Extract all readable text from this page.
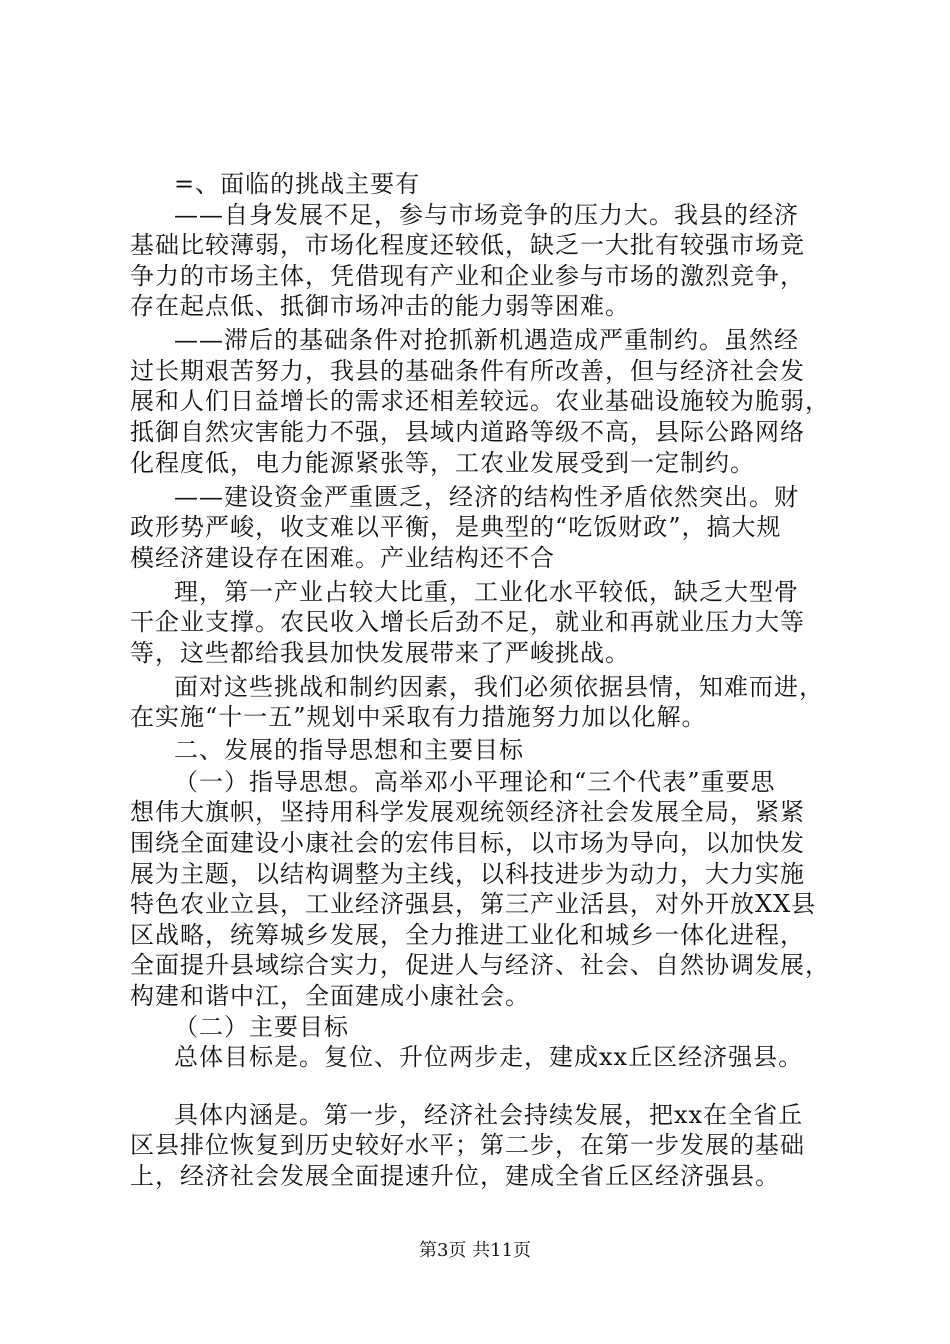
=、面临的挑战主要有
——自身发展不足，参与市场竞争的压力大。我县的经济
基础比较薄弱，市场化程度还较低，缺乏一大批有较强市场竞
争力的市场主体，凭借现有产业和企业参与市场的激烈竞争，
存在起点低、抵御市场冲击的能力弱等困难。
——滞后的基础条件对抢抓新机遇造成严重制约。虽然经
过长期艰苦努力，我县的基础条件有所改善，但与经济社会发
展和人们日益增长的需求还相差较远。农业基础设施较为脆弱，
抵御自然灾害能力不强，县域内道路等级不高，县际公路网络
化程度低，电力能源紧张等，工农业发展受到一定制约。
——建设资金严重匮乏，经济的结构性矛盾依然突出。财
政形势严峻，收支难以平衡，是典型的“吃饭财政”，搞大规
模经济建设存在困难。产业结构还不合
理，第一产业占较大比重，工业化水平较低，缺乏大型骨
干企业支撑。农民收入增长后劲不足，就业和再就业压力大等
等，这些都给我县加快发展带来了严峻挑战。
面对这些挑战和制约因素，我们必须依据县情，知难而进，
在实施“十一五”规划中采取有力措施努力加以化解。
二、发展的指导思想和主要目标
（一）指导思想。高举邓小平理论和“三个代表”重要思
想伟大旗帜，坚持用科学发展观统领经济社会发展全局，紧紧
围绕全面建设小康社会的宏伟目标，以市场为导向，以加快发
展为主题，以结构调整为主线，以科技进步为动力，大力实施
特色农业立县，工业经济强县，第三产业活县，对外开放XX县
区战略，统筹城乡发展，全力推进工业化和城乡一体化进程，
全面提升县域综合实力，促进人与经济、社会、自然协调发展，
构建和谐中江，全面建成小康社会。
（二）主要目标
总体目标是。复位、升位两步走，建成xx丘区经济强县。
具体内涵是。第一步，经济社会持续发展，把xx在全省丘
区县排位恢复到历史较好水平；第二步，在第一步发展的基础
上，经济社会发展全面提速升位，建成全省丘区经济强县。
第3页 共11页
